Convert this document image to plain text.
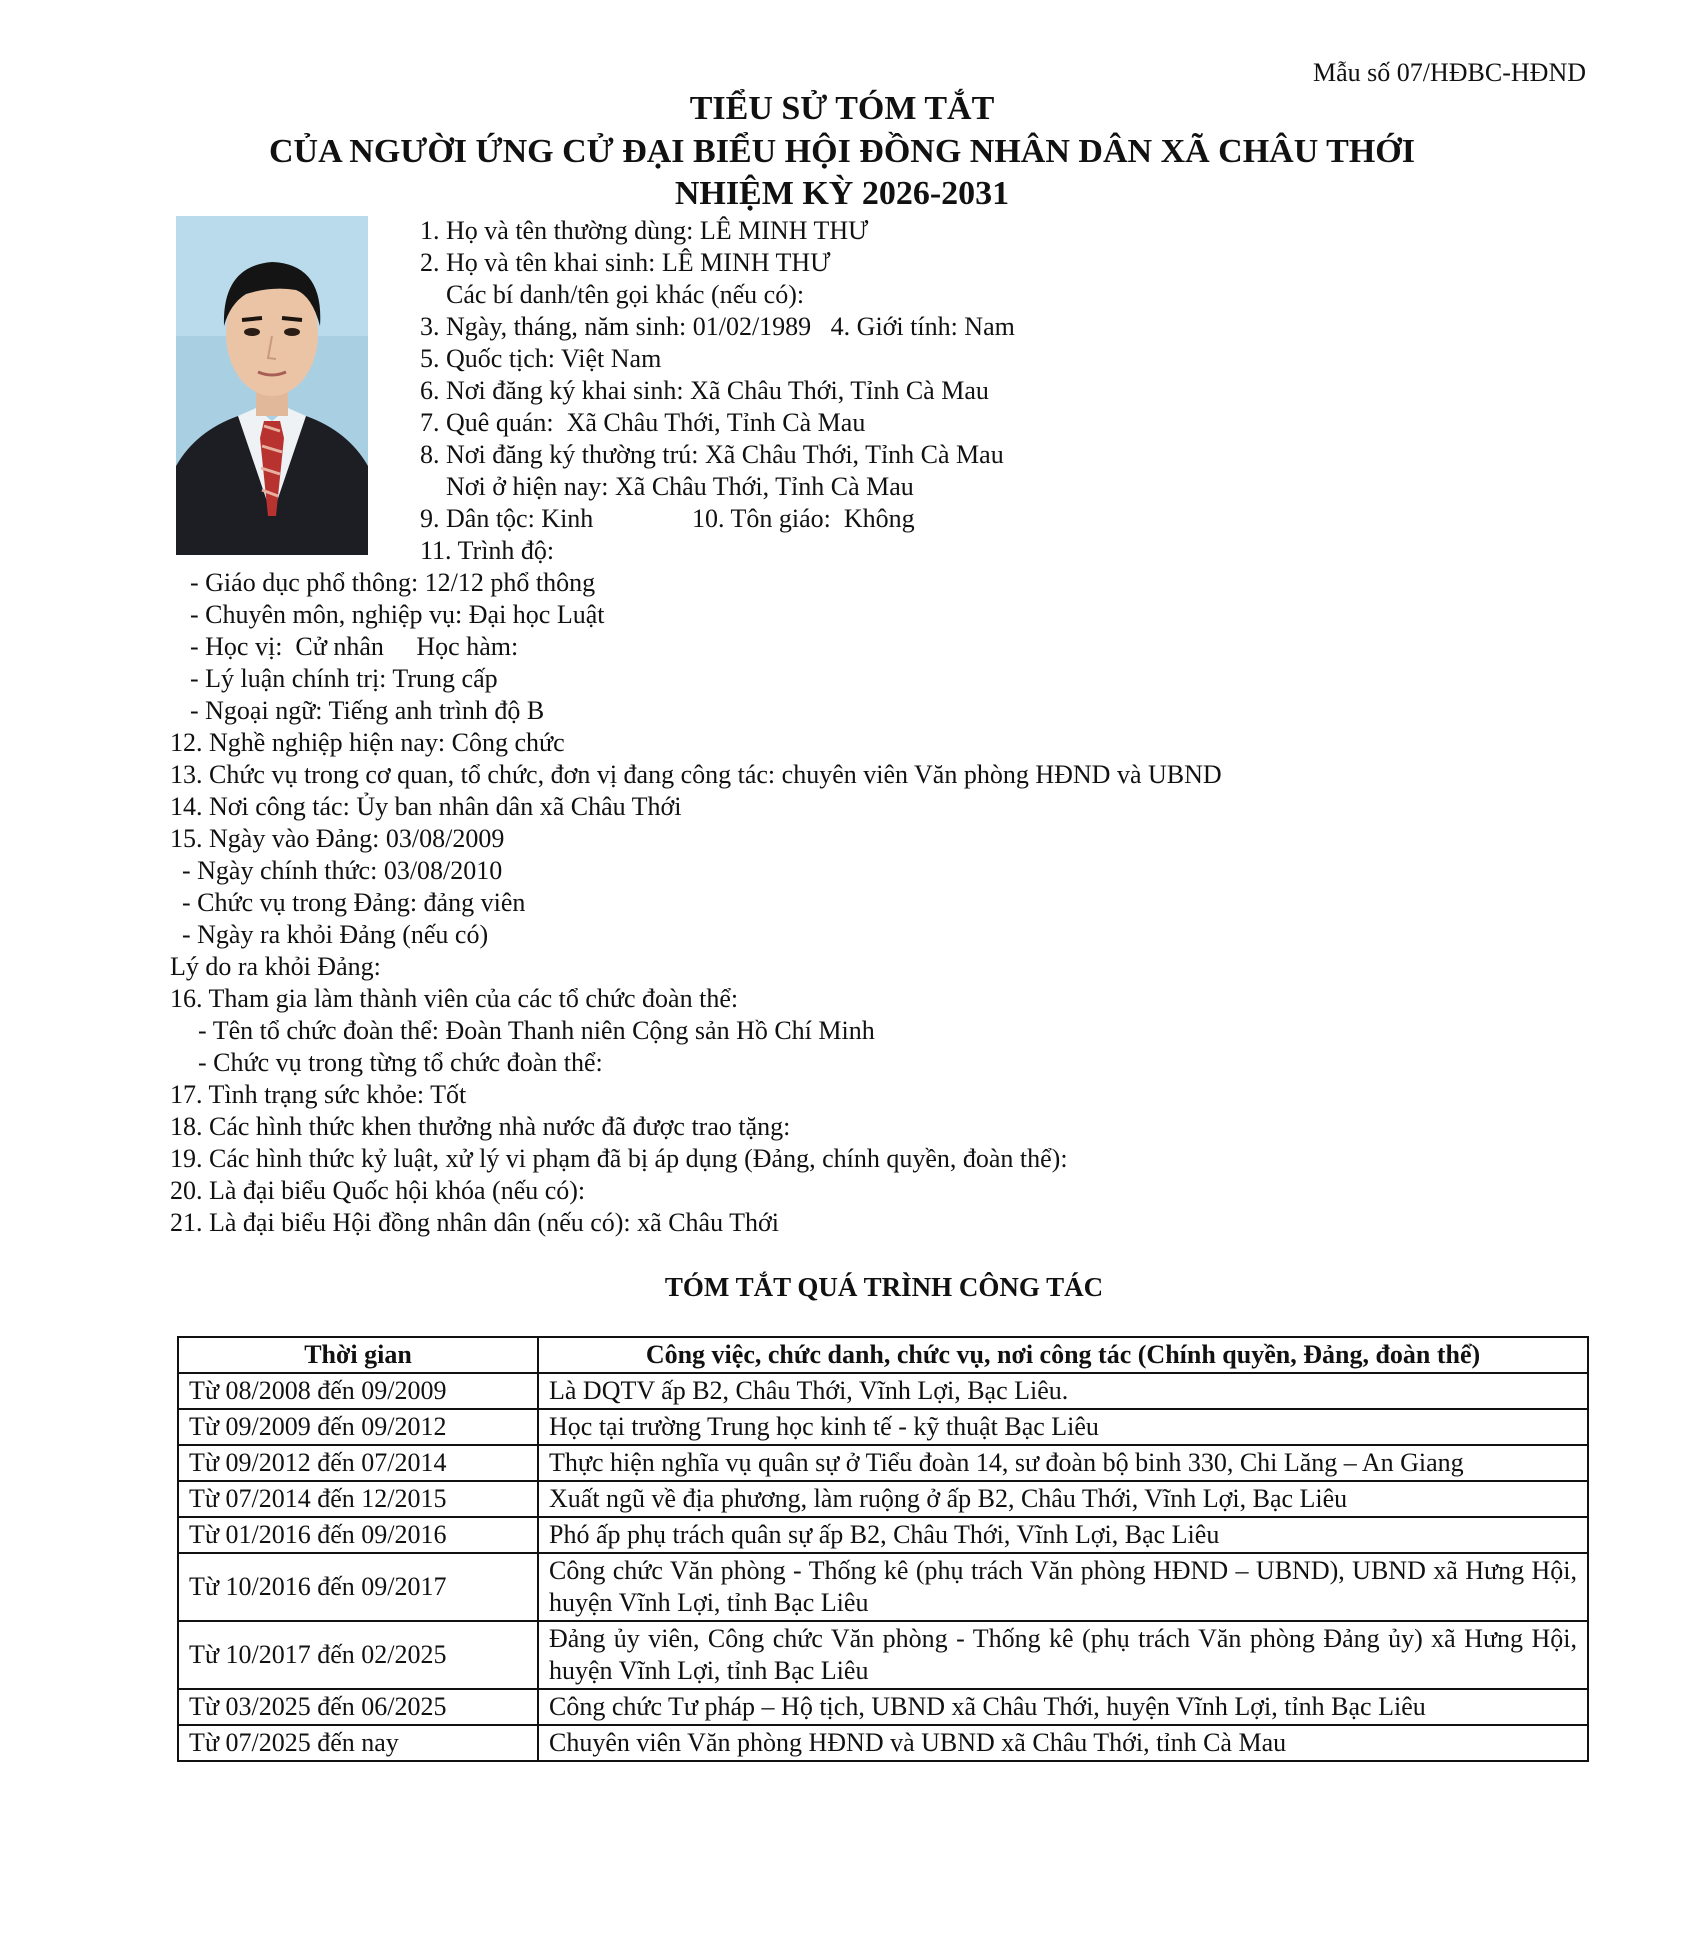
Mẫu số 07/HĐBC-HĐND
TIỂU SỬ TÓM TẮT
CỦA NGƯỜI ỨNG CỬ ĐẠI BIỂU HỘI ĐỒNG NHÂN DÂN XÃ CHÂU THỚI
NHIỆM KỲ 2026-2031
1. Họ và tên thường dùng: LÊ MINH THƯ
2. Họ và tên khai sinh: LÊ MINH THƯ
Các bí danh/tên gọi khác (nếu có):
3. Ngày, tháng, năm sinh: 01/02/1989   4. Giới tính: Nam
5. Quốc tịch: Việt Nam
6. Nơi đăng ký khai sinh: Xã Châu Thới, Tỉnh Cà Mau
7. Quê quán:  Xã Châu Thới, Tỉnh Cà Mau
8. Nơi đăng ký thường trú: Xã Châu Thới, Tỉnh Cà Mau
Nơi ở hiện nay: Xã Châu Thới, Tỉnh Cà Mau
9. Dân tộc: Kinh	10. Tôn giáo:  Không
11. Trình độ:
- Giáo dục phổ thông: 12/12 phổ thông
- Chuyên môn, nghiệp vụ: Đại học Luật
- Học vị:  Cử nhân     Học hàm:
- Lý luận chính trị: Trung cấp
- Ngoại ngữ: Tiếng anh trình độ B
12. Nghề nghiệp hiện nay: Công chức
13. Chức vụ trong cơ quan, tổ chức, đơn vị đang công tác: chuyên viên Văn phòng HĐND và UBND
14. Nơi công tác: Ủy ban nhân dân xã Châu Thới
15. Ngày vào Đảng: 03/08/2009
- Ngày chính thức: 03/08/2010
- Chức vụ trong Đảng: đảng viên
- Ngày ra khỏi Đảng (nếu có)
Lý do ra khỏi Đảng:
16. Tham gia làm thành viên của các tổ chức đoàn thể:
- Tên tổ chức đoàn thể: Đoàn Thanh niên Cộng sản Hồ Chí Minh
- Chức vụ trong từng tổ chức đoàn thể:
17. Tình trạng sức khỏe: Tốt
18. Các hình thức khen thưởng nhà nước đã được trao tặng:
19. Các hình thức kỷ luật, xử lý vi phạm đã bị áp dụng (Đảng, chính quyền, đoàn thể):
20. Là đại biểu Quốc hội khóa (nếu có):
21. Là đại biểu Hội đồng nhân dân (nếu có): xã Châu Thới
TÓM TẮT QUÁ TRÌNH CÔNG TÁC
Thời gian	Công việc, chức danh, chức vụ, nơi công tác (Chính quyền, Đảng, đoàn thể)
Từ 08/2008 đến 09/2009	Là DQTV ấp B2, Châu Thới, Vĩnh Lợi, Bạc Liêu.
Từ 09/2009 đến 09/2012	Học tại trường Trung học kinh tế - kỹ thuật Bạc Liêu
Từ 09/2012 đến 07/2014	Thực hiện nghĩa vụ quân sự ở Tiểu đoàn 14, sư đoàn bộ binh 330, Chi Lăng – An Giang
Từ 07/2014 đến 12/2015	Xuất ngũ về địa phương, làm ruộng ở ấp B2, Châu Thới, Vĩnh Lợi, Bạc Liêu
Từ 01/2016 đến 09/2016	Phó ấp phụ trách quân sự ấp B2, Châu Thới, Vĩnh Lợi, Bạc Liêu
Từ 10/2016 đến 09/2017	Công chức Văn phòng - Thống kê (phụ trách Văn phòng HĐND – UBND), UBND xã Hưng Hội, huyện Vĩnh Lợi, tỉnh Bạc Liêu
Từ 10/2017 đến 02/2025	Đảng ủy viên, Công chức Văn phòng - Thống kê (phụ trách Văn phòng Đảng ủy) xã Hưng Hội, huyện Vĩnh Lợi, tỉnh Bạc Liêu
Từ 03/2025 đến 06/2025	Công chức Tư pháp – Hộ tịch, UBND xã Châu Thới, huyện Vĩnh Lợi, tỉnh Bạc Liêu
Từ 07/2025 đến nay	Chuyên viên Văn phòng HĐND và UBND xã Châu Thới, tỉnh Cà Mau
